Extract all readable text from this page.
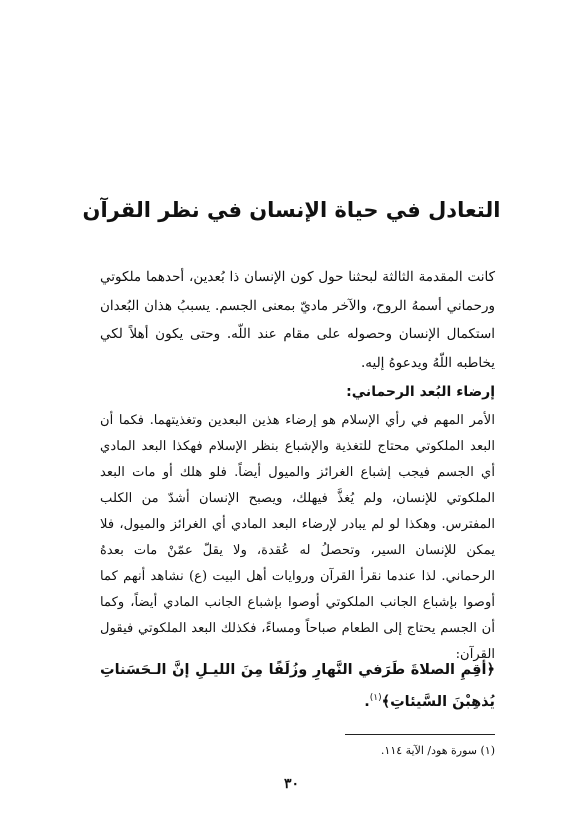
التعادل في حياة الإنسان في نظر القرآن

كانت المقدمة الثالثة لبحثنا حول كون الإنسان ذا بُعدين، أحدهما ملكوتي ورحماني أسمهُ الروح، والآخر ماديّ بمعنى الجسم. يسببُ هذان البُعدان استكمال الإنسان وحصوله على مقام عند اللّه. وحتى يكون أهلاً لكي يخاطبه اللّهُ ويدعوهُ إليه.

إرضاء البُعد الرحماني:

الأمر المهم في رأي الإسلام هو إرضاء هذين البعدين وتغذيتهما. فكما أن البعد الملكوتي محتاج للتغذية والإشباع بنظر الإسلام فهكذا البعد المادي أي الجسم فيجب إشباع الغرائز والميول أيضاً. فلو هلك أو مات البعد الملكوتي للإنسان، ولم يُغذَّ فيهلك، ويصبح الإنسان أشدّ من الكلب المفترس. وهكذا لو لم يبادر لإرضاء البعد المادي أي الغرائز والميول، فلا يمكن للإنسان السير، وتحصلُ له عُقدة، ولا يقلّ عمّنْ مات بعدهُ الرحماني. لذا عندما نقرأ القرآن وروايات أهل البيت (ع) نشاهد أنهم كما أوصوا بإشباع الجانب الملكوتي أوصوا بإشباع الجانب المادي أيضاً، وكما أن الجسم يحتاج إلى الطعام صباحاً ومساءً، فكذلك البعد الملكوتي فيقول القرآن:

﴿أقِمِ الصلاةَ طَرَفي النَّهارِ وزُلَفًا مِنَ الليـلِ إنَّ الـحَسَناتِ يُذهِبْنَ السَّيئاتِ﴾$^{(١)}$.

(١) سورة هود/ الآية ١١٤.

٣٠
